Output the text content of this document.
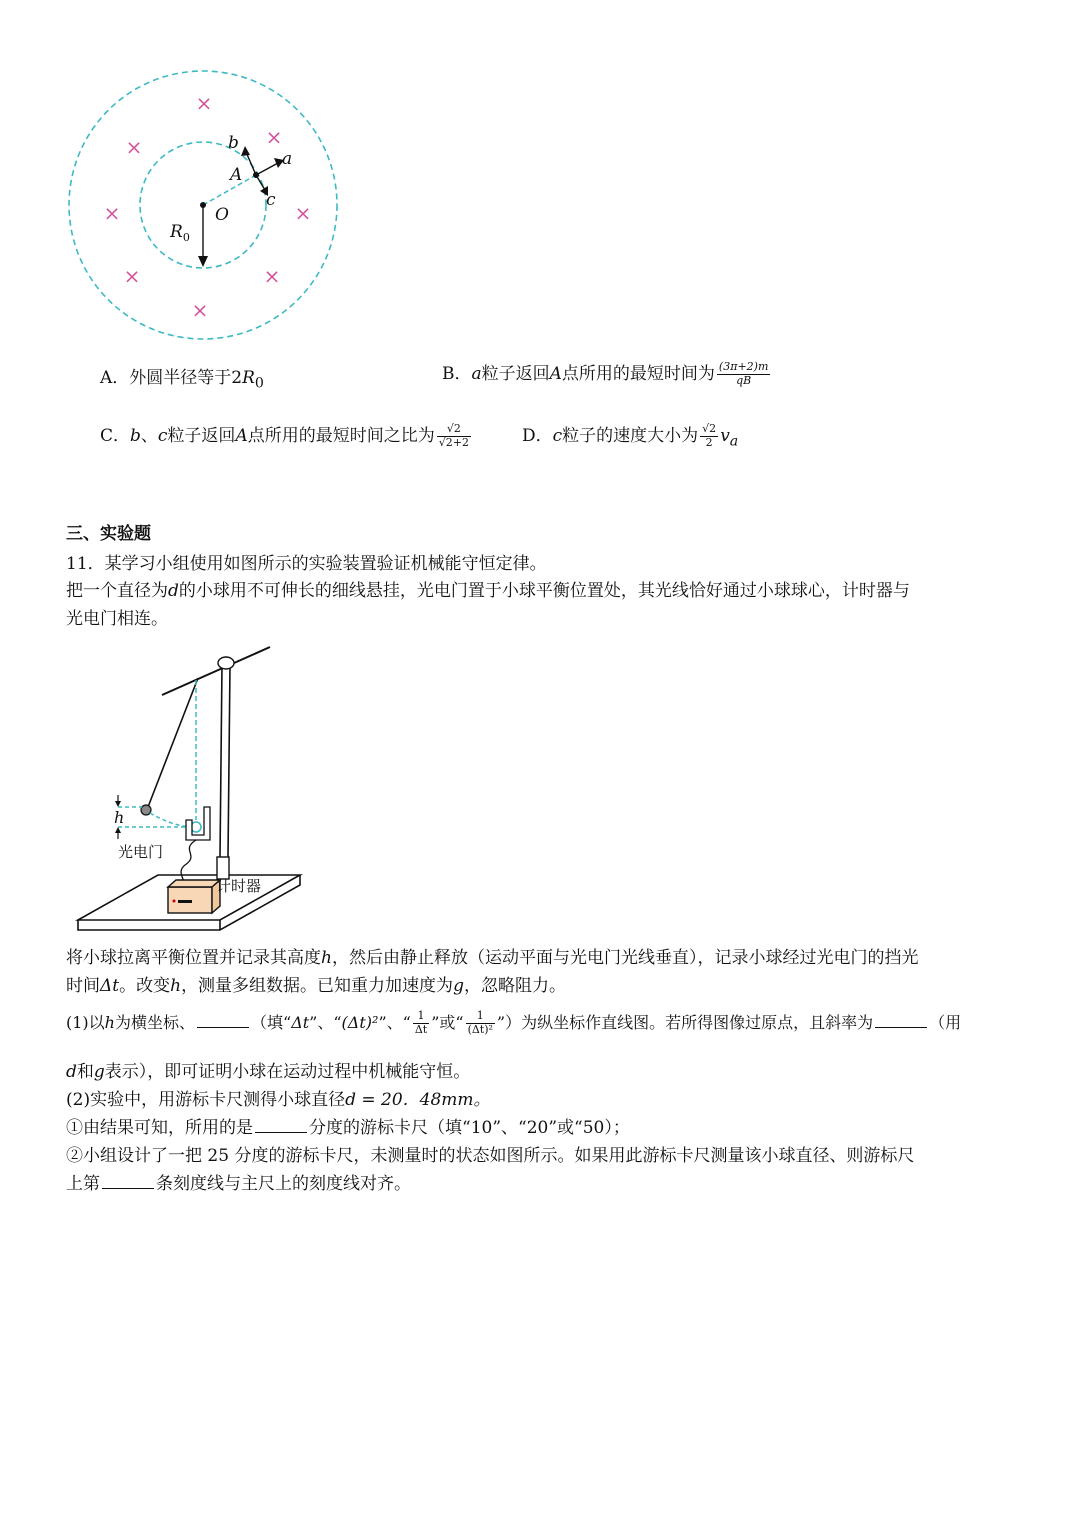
×
×	×
×	×
×	×
×
b
a
A
c
O
$R_0$
A．外圆半径等于$2R_0$	B．a粒子返回A点所用的最短时间为 $\frac{(3\pi+2)m}{qB}$
C．b、c粒子返回A点所用的最短时间之比为 $\frac{√2}{√2+2}$	D．c粒子的速度大小为 $\frac{√2}{2} v_a$
三、实验题
11．某学习小组使用如图所示的实验装置验证机械能守恒定律。
把一个直径为d的小球用不可伸长的细线悬挂，光电门置于小球平衡位置处，其光线恰好通过小球球心，计时器与
光电门相连。
h
光电门
计时器
将小球拉离平衡位置并记录其高度h，然后由静止释放（运动平面与光电门光线垂直），记录小球经过光电门的挡光
时间Δt。改变h，测量多组数据。已知重力加速度为g，忽略阻力。
(1)以h为横坐标、	（填“Δt”、“(Δt)²”、“ $\frac{1}{\Delta t}$ ”或“ $\frac{1}{\text{(Δt)²}}$ ”）为纵坐标作直线图。若所得图像过原点，且斜率为	（用
d和g表示），即可证明小球在运动过程中机械能守恒。
(2)实验中，用游标卡尺测得小球直径d = 20．48mm。
①由结果可知，所用的是	分度的游标卡尺（填“10”、“20”或“50）；
②小组设计了一把 25 分度的游标卡尺，未测量时的状态如图所示。如果用此游标卡尺测量该小球直径、则游标尺
上第	条刻度线与主尺上的刻度线对齐。
